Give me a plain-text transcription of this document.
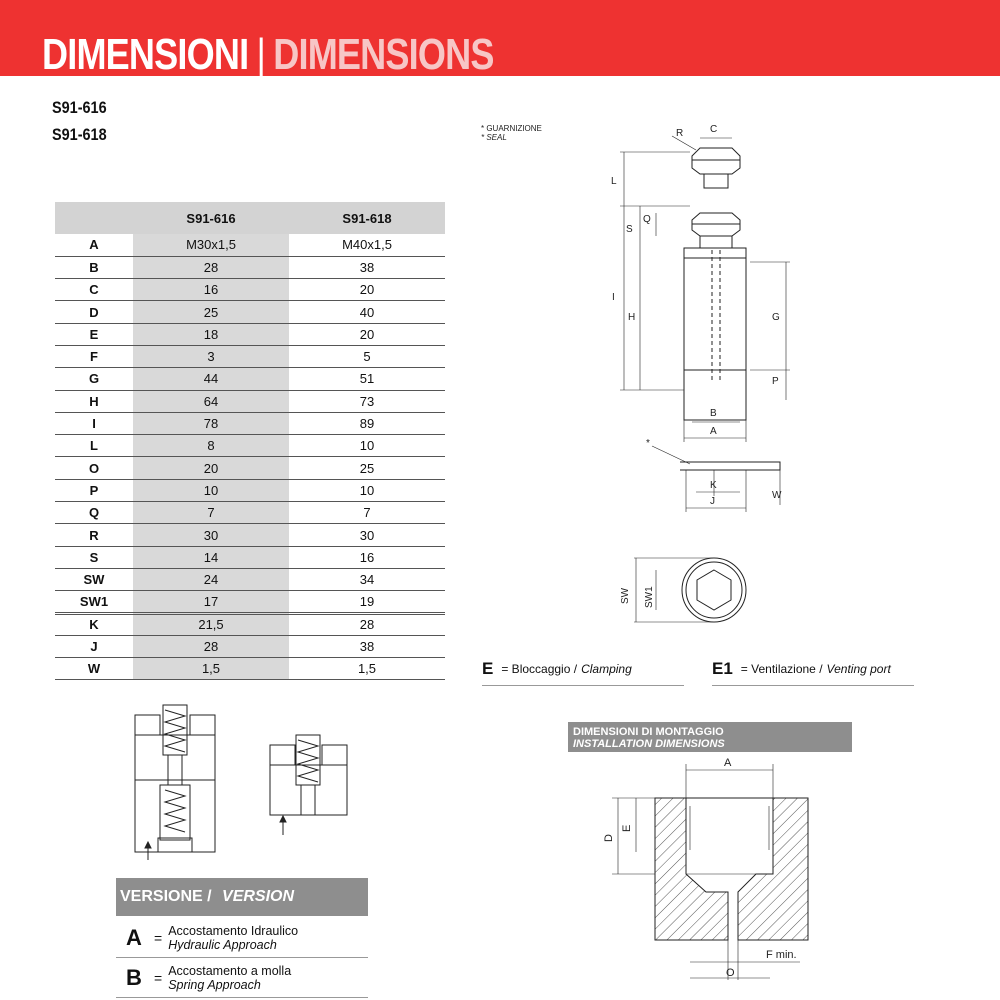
DIMENSIONI | DIMENSIONS
S91-616
S91-618
	S91-616	S91-618
A	M30x1,5	M40x1,5
B	28	38
C	16	20
D	25	40
E	18	20
F	3	5
G	44	51
H	64	73
I	78	89
L	8	10
O	20	25
P	10	10
Q	7	7
R	30	30
S	14	16
SW	24	34
SW1	17	19
K	21,5	28
J	28	38
W	1,5	1,5
* GUARNIZIONE
* SEAL	R	C
L
S
Q
I
H	G
P
B
A
*
K
J
W
SW SW1
E = Bloccaggio / Clamping	E1 = Ventilazione / Venting port
DIMENSIONI DI MONTAGGIO
INSTALLATION DIMENSIONS
A
D
E
F min.
O
VERSIONE / VERSION
A = Accostamento Idraulico
Hydraulic Approach
B = Accostamento a molla
Spring Approach
